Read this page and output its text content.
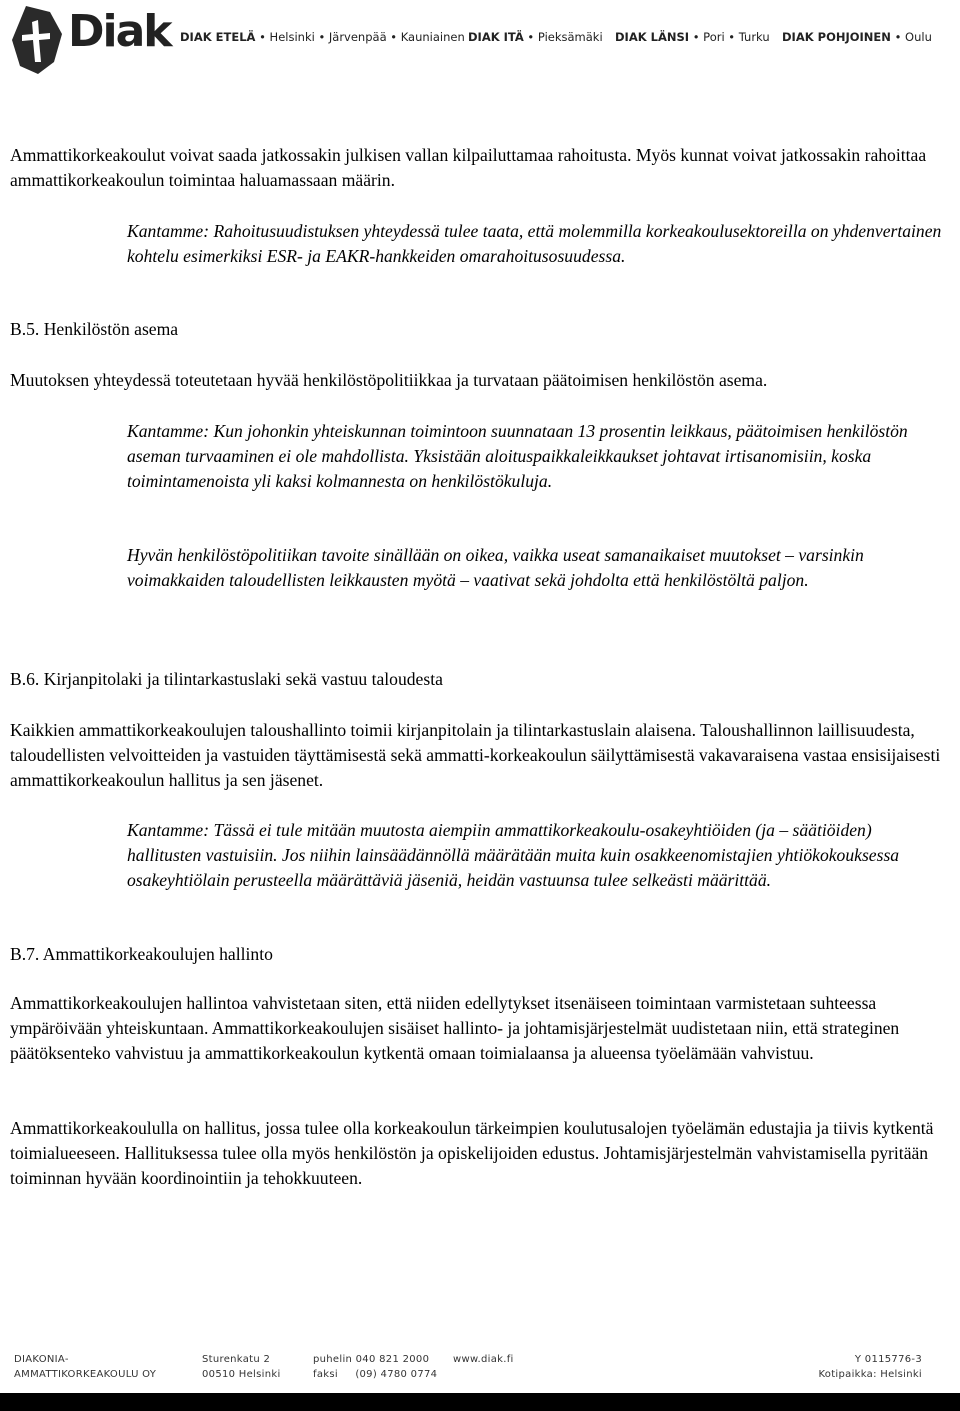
Diak DIAK ETELÄ • Helsinki • Järvenpää • Kauniainen DIAK ITÄ • Pieksämäki DIAK LÄNSI • Pori • Turku DIAK POHJOINEN • Oulu

Ammattikorkeakoulut voivat saada jatkossakin julkisen vallan kilpailuttamaa rahoitusta. Myös kunnat voivat jatkossakin rahoittaa ammattikorkeakoulun toimintaa haluamassaan määrin.

Kantamme: Rahoitusuudistuksen yhteydessä tulee taata, että molemmilla korkeakoulusektoreilla on yhdenvertainen kohtelu esimerkiksi ESR- ja EAKR-hankkeiden omarahoitusosuudessa.

B.5. Henkilöstön asema

Muutoksen yhteydessä toteutetaan hyvää henkilöstöpolitiikkaa ja turvataan päätoimisen henkilöstön asema.

Kantamme: Kun johonkin yhteiskunnan toimintoon suunnataan 13 prosentin leikkaus, päätoimisen henkilöstön aseman turvaaminen ei ole mahdollista. Yksistään aloituspaikkaleikkaukset johtavat irtisanomisiin, koska toimintamenoista yli kaksi kolmannesta on henkilöstökuluja.

Hyvän henkilöstöpolitiikan tavoite sinällään on oikea, vaikka useat samanaikaiset muutokset – varsinkin voimakkaiden taloudellisten leikkausten myötä – vaativat sekä johdolta että henkilöstöltä paljon.

B.6. Kirjanpitolaki ja tilintarkastuslaki sekä vastuu taloudesta

Kaikkien ammattikorkeakoulujen taloushallinto toimii kirjanpitolain ja tilintarkastuslain alaisena. Taloushallinnon laillisuudesta, taloudellisten velvoitteiden ja vastuiden täyttämisestä sekä ammatti-korkeakoulun säilyttämisestä vakavaraisena vastaa ensisijaisesti ammattikorkeakoulun hallitus ja sen jäsenet.

Kantamme: Tässä ei tule mitään muutosta aiempiin ammattikorkeakoulu-osakeyhtiöiden (ja – säätiöiden) hallitusten vastuisiin. Jos niihin lainsäädännöllä määrätään muita kuin osakkeenomistajien yhtiökokouksessa osakeyhtiölain perusteella määrättäviä jäseniä, heidän vastuunsa tulee selkeästi määrittää.

B.7. Ammattikorkeakoulujen hallinto

Ammattikorkeakoulujen hallintoa vahvistetaan siten, että niiden edellytykset itsenäiseen toimintaan varmistetaan suhteessa ympäröivään yhteiskuntaan. Ammattikorkeakoulujen sisäiset hallinto- ja johtamisjärjestelmät uudistetaan niin, että strateginen päätöksenteko vahvistuu ja ammattikorkeakoulun kytkentä omaan toimialaansa ja alueensa työelämään vahvistuu.

Ammattikorkeakoululla on hallitus, jossa tulee olla korkeakoulun tärkeimpien koulutusalojen työelämän edustajia ja tiivis kytkentä toimialueeseen. Hallituksessa tulee olla myös henkilöstön ja opiskelijoiden edustus. Johtamisjärjestelmän vahvistamisella pyritään toiminnan hyvään koordinointiin ja tehokkuuteen.

DIAKONIA-
AMMATTIKORKEAKOULU OY
Sturenkatu 2
00510 Helsinki
puhelin 040 821 2000
faksi     (09) 4780 0774
www.diak.fi	Y 0115776-3
Kotipaikka: Helsinki
